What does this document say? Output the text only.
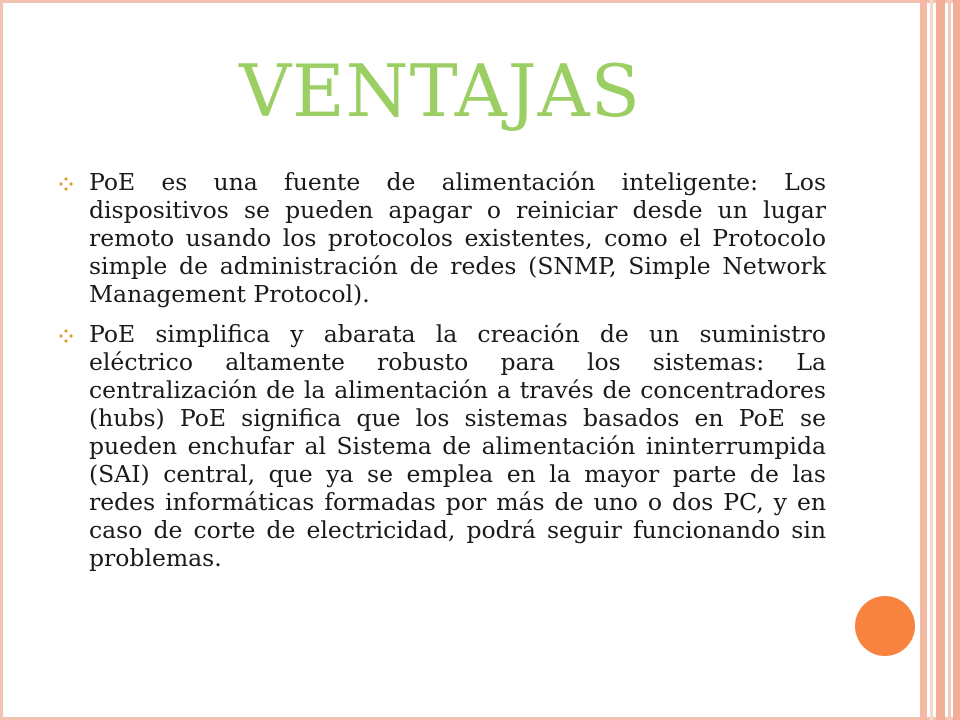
VENTAJAS

PoE es una fuente de alimentación inteligente: Los dispositivos se pueden apagar o reiniciar desde un lugar remoto usando los protocolos existentes, como el Protocolo simple de administración de redes (SNMP, Simple Network Management Protocol).

PoE simplifica y abarata la creación de un suministro eléctrico altamente robusto para los sistemas: La centralización de la alimentación a través de concentradores (hubs) PoE significa que los sistemas basados en PoE se pueden enchufar al Sistema de alimentación ininterrumpida (SAI) central, que ya se emplea en la mayor parte de las redes informáticas formadas por más de uno o dos PC, y en caso de corte de electricidad, podrá seguir funcionando sin problemas.
